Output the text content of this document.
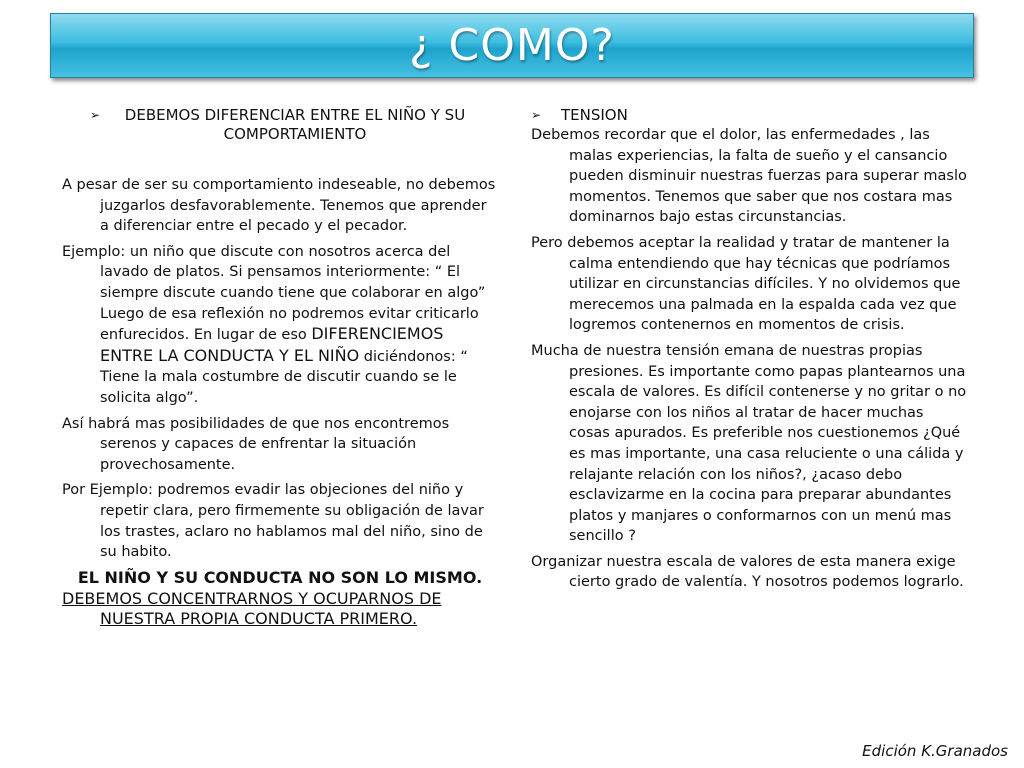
¿ COMO?
➢	DEBEMOS DIFERENCIAR ENTRE EL NIÑO Y SU COMPORTAMIENTO

A pesar de ser su comportamiento indeseable, no debemos juzgarlos desfavorablemente. Tenemos que aprender a diferenciar entre el pecado y el pecador.

Ejemplo: un niño que discute con nosotros acerca del lavado de platos. Si pensamos interiormente: “ El siempre discute cuando tiene que colaborar en algo” Luego de esa reflexión no podremos evitar criticarlo enfurecidos. En lugar de eso DIFERENCIEMOS ENTRE LA CONDUCTA Y EL NIÑO diciéndonos: “ Tiene la mala costumbre de discutir cuando se le solicita algo”.

Así habrá mas posibilidades de que nos encontremos serenos y capaces de enfrentar la situación provechosamente.

Por Ejemplo: podremos evadir las objeciones del niño y repetir clara, pero firmemente su obligación de lavar los trastes, aclaro no hablamos mal del niño, sino de su habito.

EL NIÑO Y SU CONDUCTA NO SON LO MISMO.

DEBEMOS CONCENTRARNOS Y OCUPARNOS DE NUESTRA PROPIA CONDUCTA PRIMERO.

➢	TENSION

Debemos recordar que el dolor, las enfermedades , las malas experiencias, la falta de sueño y el cansancio pueden disminuir nuestras fuerzas para superar maslo momentos. Tenemos que saber que nos costara mas dominarnos bajo estas circunstancias.

Pero debemos aceptar la realidad y tratar de mantener la calma entendiendo que hay técnicas que podríamos utilizar en circunstancias difíciles. Y no olvidemos que merecemos una palmada en la espalda cada vez que logremos contenernos en momentos de crisis.

Mucha de nuestra tensión emana de nuestras propias presiones. Es importante como papas plantearnos una escala de valores. Es difícil contenerse y no gritar o no enojarse con los niños al tratar de hacer muchas cosas apurados. Es preferible nos cuestionemos ¿Qué es mas importante, una casa reluciente o una cálida y relajante relación con los niños?, ¿acaso debo esclavizarme en la cocina para preparar abundantes platos y manjares o conformarnos con un menú mas sencillo ?

Organizar nuestra escala de valores de esta manera exige cierto grado de valentía. Y nosotros podemos lograrlo.

Edición K.Granados
